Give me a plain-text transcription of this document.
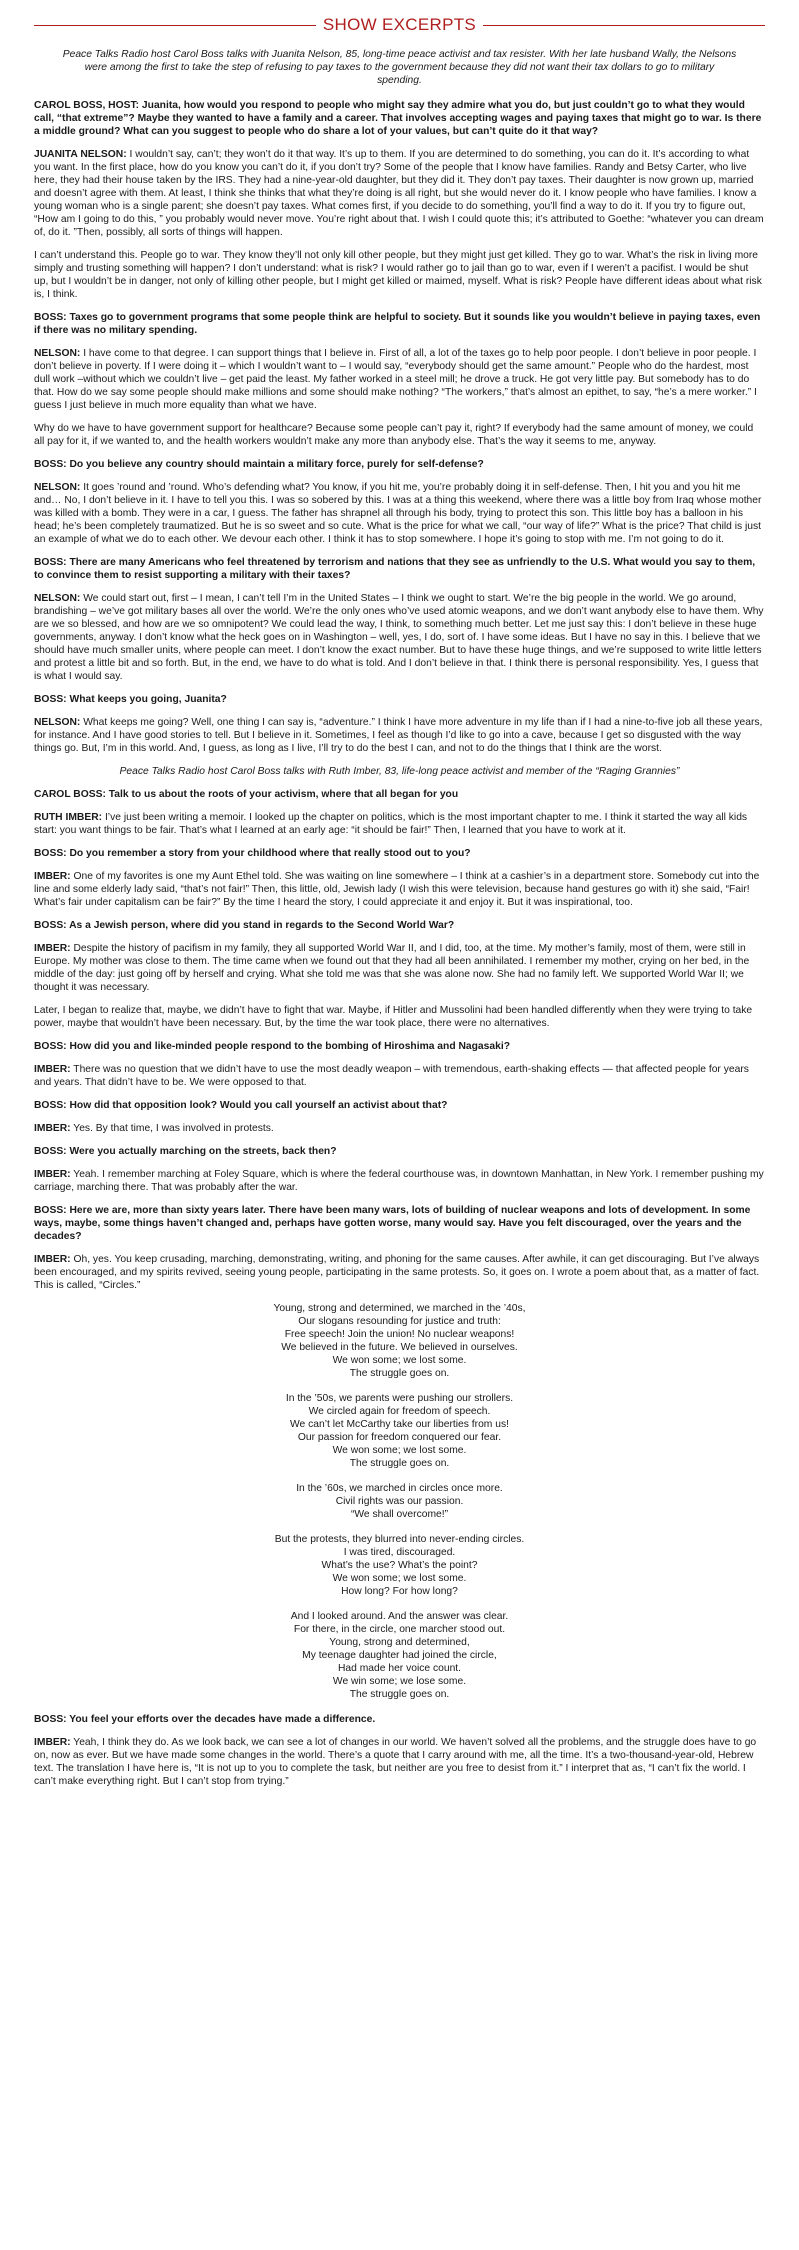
SHOW EXCERPTS

Peace Talks Radio host Carol Boss talks with Juanita Nelson, 85, long-time peace activist and tax resister. With her late husband Wally, the Nelsons were among the first to take the step of refusing to pay taxes to the government because they did not want their tax dollars to go to military spending.

CAROL BOSS, HOST: Juanita, how would you respond to people who might say they admire what you do, but just couldn’t go to what they would call, “that extreme”? Maybe they wanted to have a family and a career. That involves accepting wages and paying taxes that might go to war. Is there a middle ground? What can you suggest to people who do share a lot of your values, but can’t quite do it that way?

JUANITA NELSON: I wouldn’t say, can’t; they won’t do it that way. It’s up to them. If you are determined to do something, you can do it. It’s according to what you want. In the first place, how do you know you can’t do it, if you don’t try? Some of the people that I know have families. Randy and Betsy Carter, who live here, they had their house taken by the IRS. They had a nine-year-old daughter, but they did it. They don’t pay taxes. Their daughter is now grown up, married and doesn’t agree with them. At least, I think she thinks that what they’re doing is all right, but she would never do it. I know people who have families. I know a young woman who is a single parent; she doesn’t pay taxes. What comes first, if you decide to do something, you’ll find a way to do it. If you try to figure out, “How am I going to do this, ” you probably would never move. You’re right about that. I wish I could quote this; it’s attributed to Goethe: “whatever you can dream of, do it. ”Then, possibly, all sorts of things will happen.

I can’t understand this. People go to war. They know they’ll not only kill other people, but they might just get killed. They go to war. What’s the risk in living more simply and trusting something will happen? I don’t understand: what is risk? I would rather go to jail than go to war, even if I weren’t a pacifist. I would be shut up, but I wouldn’t be in danger, not only of killing other people, but I might get killed or maimed, myself. What is risk? People have different ideas about what risk is, I think.

BOSS: Taxes go to government programs that some people think are helpful to society. But it sounds like you wouldn’t believe in paying taxes, even if there was no military spending.

NELSON: I have come to that degree. I can support things that I believe in. First of all, a lot of the taxes go to help poor people. I don’t believe in poor people. I don’t believe in poverty. If I were doing it – which I wouldn’t want to – I would say, “everybody should get the same amount.” People who do the hardest, most dull work –without which we couldn’t live – get paid the least. My father worked in a steel mill; he drove a truck. He got very little pay. But somebody has to do that. How do we say some people should make millions and some should make nothing? “The workers,” that’s almost an epithet, to say, “he’s a mere worker.” I guess I just believe in much more equality than what we have.

Why do we have to have government support for healthcare? Because some people can’t pay it, right? If everybody had the same amount of money, we could all pay for it, if we wanted to, and the health workers wouldn’t make any more than anybody else. That’s the way it seems to me, anyway.

BOSS: Do you believe any country should maintain a military force, purely for self-defense?

NELSON: It goes ’round and ’round. Who’s defending what? You know, if you hit me, you’re probably doing it in self-defense. Then, I hit you and you hit me and… No, I don’t believe in it. I have to tell you this. I was so sobered by this. I was at a thing this weekend, where there was a little boy from Iraq whose mother was killed with a bomb. They were in a car, I guess. The father has shrapnel all through his body, trying to protect this son. This little boy has a balloon in his head; he’s been completely traumatized. But he is so sweet and so cute. What is the price for what we call, “our way of life?” What is the price? That child is just an example of what we do to each other. We devour each other. I think it has to stop somewhere. I hope it’s going to stop with me. I’m not going to do it.

BOSS: There are many Americans who feel threatened by terrorism and nations that they see as unfriendly to the U.S. What would you say to them, to convince them to resist supporting a military with their taxes?

NELSON: We could start out, first – I mean, I can’t tell I’m in the United States – I think we ought to start. We’re the big people in the world. We go around, brandishing – we’ve got military bases all over the world. We’re the only ones who’ve used atomic weapons, and we don’t want anybody else to have them. Why are we so blessed, and how are we so omnipotent? We could lead the way, I think, to something much better. Let me just say this: I don’t believe in these huge governments, anyway. I don’t know what the heck goes on in Washington – well, yes, I do, sort of. I have some ideas. But I have no say in this. I believe that we should have much smaller units, where people can meet. I don’t know the exact number. But to have these huge things, and we’re supposed to write little letters and protest a little bit and so forth. But, in the end, we have to do what is told. And I don’t believe in that. I think there is personal responsibility. Yes, I guess that is what I would say.

BOSS: What keeps you going, Juanita?

NELSON: What keeps me going? Well, one thing I can say is, “adventure.” I think I have more adventure in my life than if I had a nine-to-five job all these years, for instance. And I have good stories to tell. But I believe in it. Sometimes, I feel as though I’d like to go into a cave, because I get so disgusted with the way things go. But, I’m in this world. And, I guess, as long as I live, I’ll try to do the best I can, and not to do the things that I think are the worst.

Peace Talks Radio host Carol Boss talks with Ruth Imber, 83, life-long peace activist and member of the “Raging Grannies”

CAROL BOSS: Talk to us about the roots of your activism, where that all began for you

RUTH IMBER: I’ve just been writing a memoir. I looked up the chapter on politics, which is the most important chapter to me. I think it started the way all kids start: you want things to be fair. That’s what I learned at an early age: “it should be fair!” Then, I learned that you have to work at it.

BOSS: Do you remember a story from your childhood where that really stood out to you?

IMBER: One of my favorites is one my Aunt Ethel told. She was waiting on line somewhere – I think at a cashier’s in a department store. Somebody cut into the line and some elderly lady said, “that’s not fair!” Then, this little, old, Jewish lady (I wish this were television, because hand gestures go with it) she said, “Fair! What’s fair under capitalism can be fair?” By the time I heard the story, I could appreciate it and enjoy it. But it was inspirational, too.

BOSS: As a Jewish person, where did you stand in regards to the Second World War?

IMBER: Despite the history of pacifism in my family, they all supported World War II, and I did, too, at the time. My mother’s family, most of them, were still in Europe. My mother was close to them. The time came when we found out that they had all been annihilated. I remember my mother, crying on her bed, in the middle of the day: just going off by herself and crying. What she told me was that she was alone now. She had no family left. We supported World War II; we thought it was necessary.

Later, I began to realize that, maybe, we didn’t have to fight that war. Maybe, if Hitler and Mussolini had been handled differently when they were trying to take power, maybe that wouldn’t have been necessary. But, by the time the war took place, there were no alternatives.

BOSS: How did you and like-minded people respond to the bombing of Hiroshima and Nagasaki?

IMBER: There was no question that we didn’t have to use the most deadly weapon – with tremendous, earth-shaking effects — that affected people for years and years. That didn’t have to be. We were opposed to that.

BOSS: How did that opposition look? Would you call yourself an activist about that?

IMBER: Yes. By that time, I was involved in protests.

BOSS: Were you actually marching on the streets, back then?

IMBER: Yeah. I remember marching at Foley Square, which is where the federal courthouse was, in downtown Manhattan, in New York. I remember pushing my carriage, marching there. That was probably after the war.

BOSS: Here we are, more than sixty years later. There have been many wars, lots of building of nuclear weapons and lots of development. In some ways, maybe, some things haven’t changed and, perhaps have gotten worse, many would say. Have you felt discouraged, over the years and the decades?

IMBER: Oh, yes. You keep crusading, marching, demonstrating, writing, and phoning for the same causes. After awhile, it can get discouraging. But I’ve always been encouraged, and my spirits revived, seeing young people, participating in the same protests. So, it goes on. I wrote a poem about that, as a matter of fact. This is called, “Circles.”

Young, strong and determined, we marched in the ’40s,
Our slogans resounding for justice and truth:
Free speech! Join the union! No nuclear weapons!
We believed in the future. We believed in ourselves.
We won some; we lost some.
The struggle goes on.
In the ’50s, we parents were pushing our strollers.
We circled again for freedom of speech.
We can’t let McCarthy take our liberties from us!
Our passion for freedom conquered our fear.
We won some; we lost some.
The struggle goes on.
In the ’60s, we marched in circles once more.
Civil rights was our passion.
“We shall overcome!”
But the protests, they blurred into never-ending circles.
I was tired, discouraged.
What’s the use? What’s the point?
We won some; we lost some.
How long? For how long?
And I looked around. And the answer was clear.
For there, in the circle, one marcher stood out.
Young, strong and determined,
My teenage daughter had joined the circle,
Had made her voice count.
We win some; we lose some.
The struggle goes on.

BOSS: You feel your efforts over the decades have made a difference.

IMBER: Yeah, I think they do. As we look back, we can see a lot of changes in our world. We haven’t solved all the problems, and the struggle does have to go on, now as ever. But we have made some changes in the world. There’s a quote that I carry around with me, all the time. It’s a two-thousand-year-old, Hebrew text. The translation I have here is, “It is not up to you to complete the task, but neither are you free to desist from it.” I interpret that as, “I can’t fix the world. I can’t make everything right. But I can’t stop from trying.”
